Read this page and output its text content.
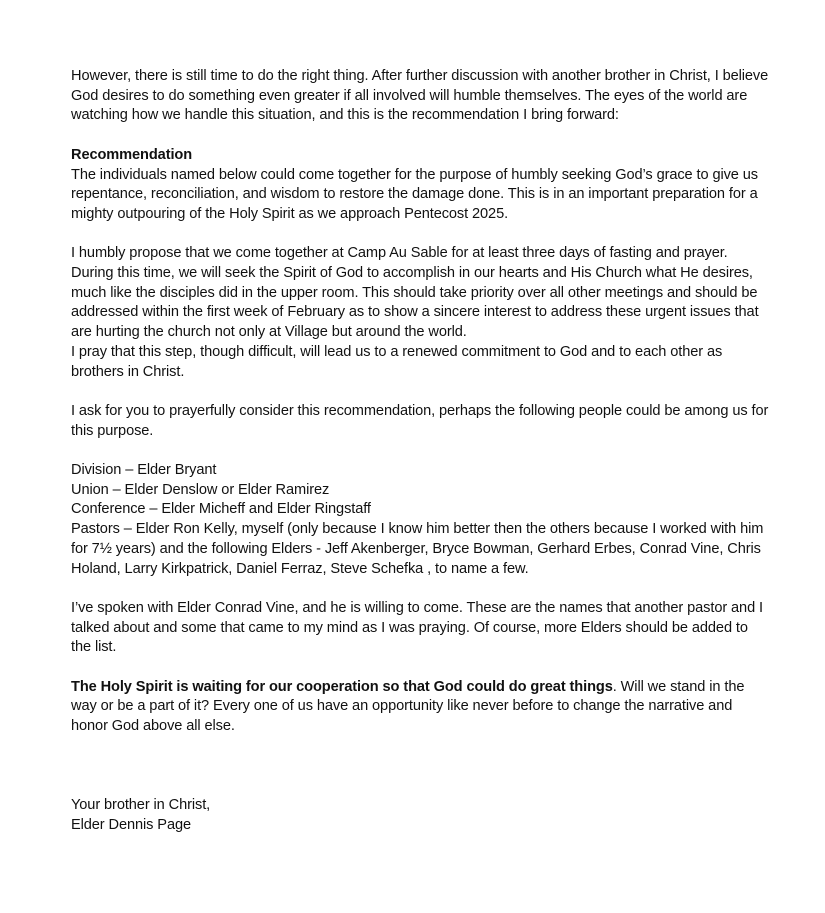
However, there is still time to do the right thing. After further discussion with another brother in Christ, I believe God desires to do something even greater if all involved will humble themselves. The eyes of the world are watching how we handle this situation, and this is the recommendation I bring forward:

Recommendation

The individuals named below could come together for the purpose of humbly seeking God’s grace to give us repentance, reconciliation, and wisdom to restore the damage done. This is in an important preparation for a mighty outpouring of the Holy Spirit as we approach Pentecost 2025.

I humbly propose that we come together at Camp Au Sable for at least three days of fasting and prayer. During this time, we will seek the Spirit of God to accomplish in our hearts and His Church what He desires, much like the disciples did in the upper room. This should take priority over all other meetings and should be addressed within the first week of February as to show a sincere interest to address these urgent issues that are hurting the church not only at Village but around the world.

I pray that this step, though difficult, will lead us to a renewed commitment to God and to each other as brothers in Christ.

I ask for you to prayerfully consider this recommendation, perhaps the following people could be among us for this purpose.

Division – Elder Bryant

Union – Elder Denslow or Elder Ramirez

Conference – Elder Micheff and Elder Ringstaff

Pastors – Elder Ron Kelly, myself (only because I know him better then the others because I worked with him for 7½ years) and the following Elders - Jeff Akenberger, Bryce Bowman, Gerhard Erbes, Conrad Vine, Chris Holand, Larry Kirkpatrick, Daniel Ferraz, Steve Schefka , to name a few.

I’ve spoken with Elder Conrad Vine, and he is willing to come. These are the names that another pastor and I talked about and some that came to my mind as I was praying. Of course, more Elders should be added to the list.

The Holy Spirit is waiting for our cooperation so that God could do great things. Will we stand in the way or be a part of it? Every one of us have an opportunity like never before to change the narrative and honor God above all else.

Your brother in Christ,

Elder Dennis Page
